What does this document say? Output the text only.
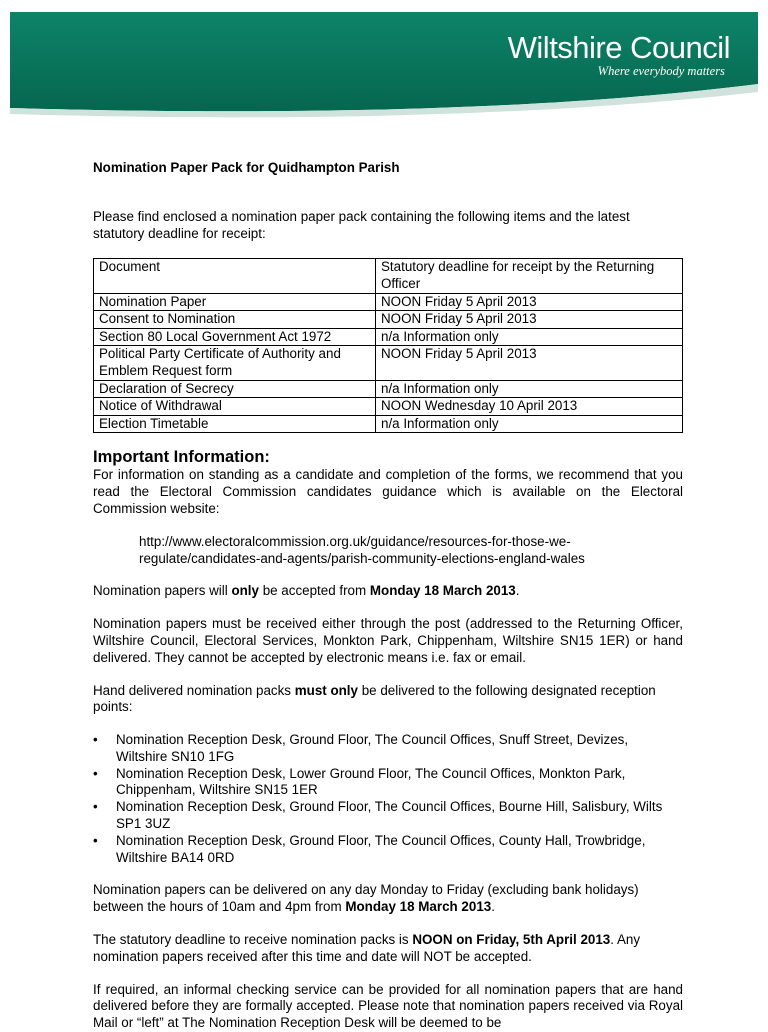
Wiltshire Council
Where everybody matters

Nomination Paper Pack for Quidhampton Parish

Please find enclosed a nomination paper pack containing the following items and the latest statutory deadline for receipt:

Document	Statutory deadline for receipt by the Returning Officer
Nomination Paper	NOON Friday 5 April 2013
Consent to Nomination	NOON Friday 5 April 2013
Section 80 Local Government Act 1972	n/a Information only
Political Party Certificate of Authority and Emblem Request form	NOON Friday 5 April 2013
Declaration of Secrecy	n/a Information only
Notice of Withdrawal	NOON Wednesday 10 April 2013
Election Timetable	n/a Information only
Important Information:

For information on standing as a candidate and completion of the forms, we recommend that you read the Electoral Commission candidates guidance which is available on the Electoral Commission website:

http://www.electoralcommission.org.uk/guidance/resources-for-those-we-regulate/candidates-and-agents/parish-community-elections-england-wales

Nomination papers will only be accepted from Monday 18 March 2013.

Nomination papers must be received either through the post (addressed to the Returning Officer, Wiltshire Council, Electoral Services, Monkton Park, Chippenham, Wiltshire SN15 1ER) or hand delivered. They cannot be accepted by electronic means i.e. fax or email.

Hand delivered nomination packs must only be delivered to the following designated reception points:

• Nomination Reception Desk, Ground Floor, The Council Offices, Snuff Street, Devizes, Wiltshire SN10 1FG
• Nomination Reception Desk, Lower Ground Floor, The Council Offices, Monkton Park, Chippenham, Wiltshire SN15 1ER
• Nomination Reception Desk, Ground Floor, The Council Offices, Bourne Hill, Salisbury, Wilts SP1 3UZ
• Nomination Reception Desk, Ground Floor, The Council Offices, County Hall, Trowbridge, Wiltshire BA14 0RD

Nomination papers can be delivered on any day Monday to Friday (excluding bank holidays) between the hours of 10am and 4pm from Monday 18 March 2013.

The statutory deadline to receive nomination packs is NOON on Friday, 5th April 2013. Any nomination papers received after this time and date will NOT be accepted.

If required, an informal checking service can be provided for all nomination papers that are hand delivered before they are formally accepted. Please note that nomination papers received via Royal Mail or “left” at The Nomination Reception Desk will be deemed to be
